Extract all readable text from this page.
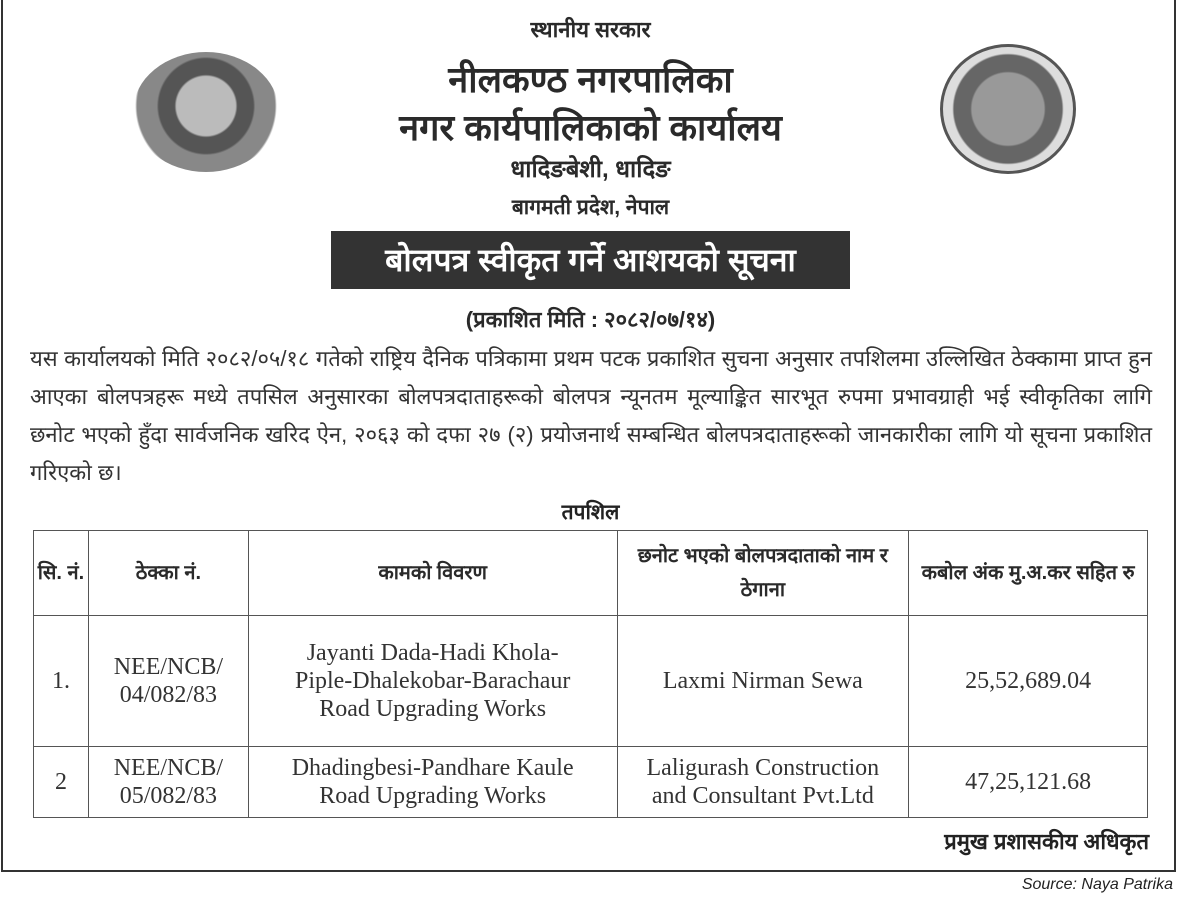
स्थानीय सरकार
नीलकण्ठ नगरपालिका
नगर कार्यपालिकाको कार्यालय
धादिङबेशी, धादिङ
बागमती प्रदेश, नेपाल
बोलपत्र स्वीकृत गर्ने आशयको सूचना
(प्रकाशित मिति : २०८२/०७/१४)
यस कार्यालयको मिति २०८२/०५/१८ गतेको राष्ट्रिय दैनिक पत्रिकामा प्रथम पटक प्रकाशित सुचना अनुसार तपशिलमा उल्लिखित ठेक्कामा प्राप्त हुन आएका बोलपत्रहरू मध्ये तपसिल अनुसारका बोलपत्रदाताहरूको बोलपत्र न्यूनतम मूल्याङ्कित सारभूत रुपमा प्रभावग्राही भई स्वीकृतिका लागि छनोट भएको हुँदा सार्वजनिक खरिद ऐन, २०६३ को दफा २७ (२) प्रयोजनार्थ सम्बन्धित बोलपत्रदाताहरूको जानकारीका लागि यो सूचना प्रकाशित गरिएको छ।
तपशिल
सि. नं.	ठेक्का नं.	कामको विवरण	छनोट भएको बोलपत्रदाताको नाम र ठेगाना	कबोल अंक मु.अ.कर सहित रु
1.	NEE/NCB/ 04/082/83	Jayanti Dada-Hadi Khola-Piple-Dhalekobar-Barachaur Road Upgrading Works	Laxmi Nirman Sewa	25,52,689.04
2	NEE/NCB/ 05/082/83	Dhadingbesi-Pandhare Kaule Road Upgrading Works	Laligurash Construction and Consultant Pvt.Ltd	47,25,121.68
प्रमुख प्रशासकीय अधिकृत
Source: Naya Patrika
